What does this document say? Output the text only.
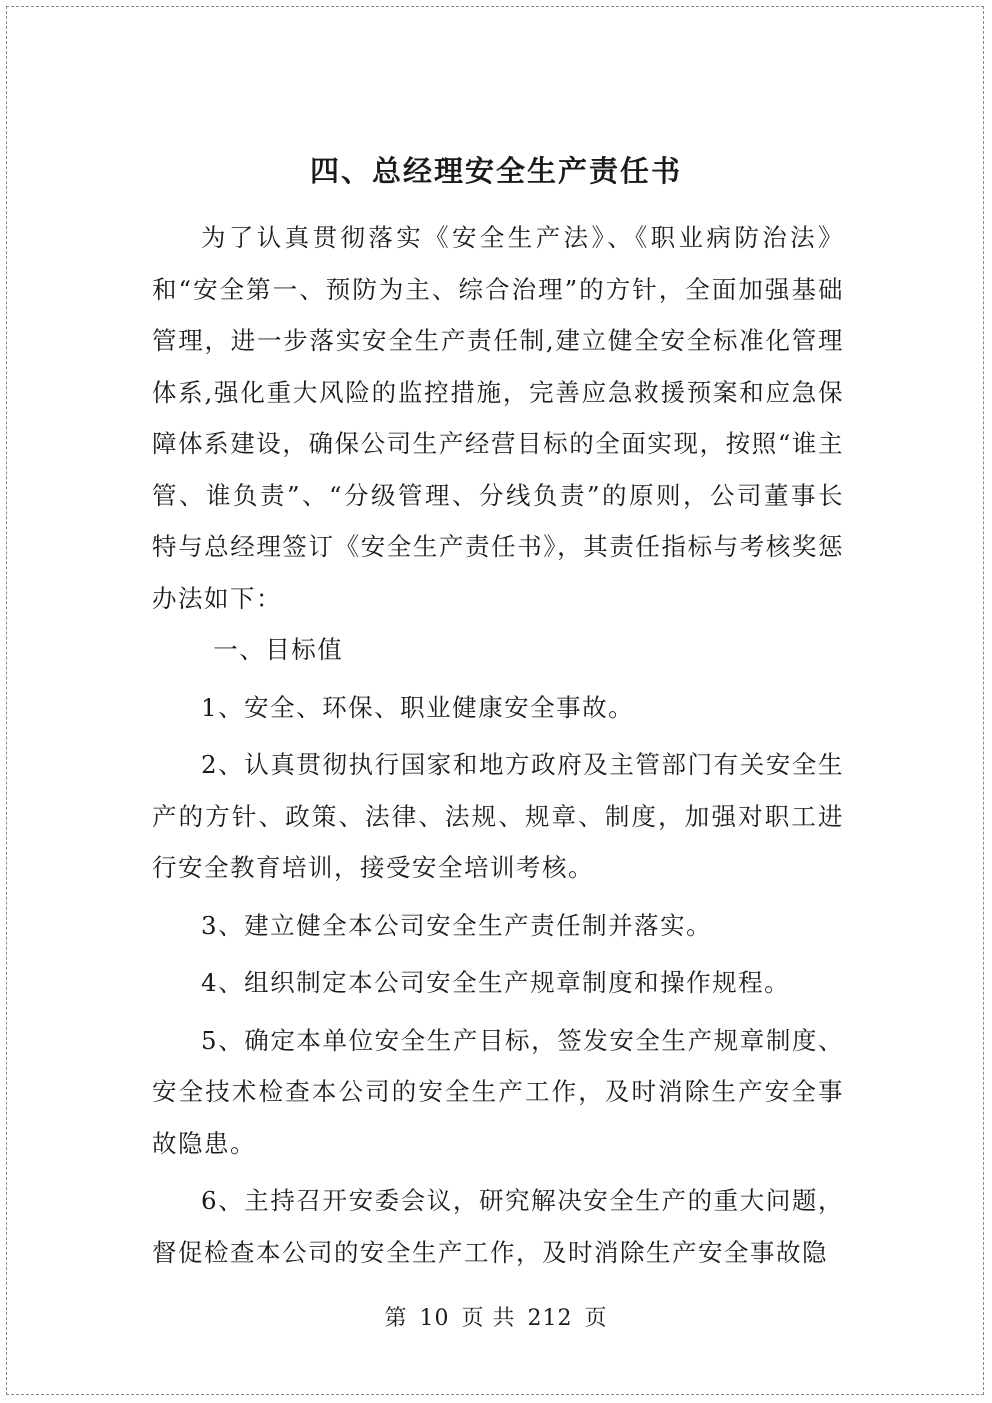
四、总经理安全生产责任书

为了认真贯彻落实《安全生产法》、《职业病防治法》和“安全第一、预防为主、综合治理”的方针，全面加强基础管理，进一步落实安全生产责任制,建立健全安全标准化管理体系,强化重大风险的监控措施，完善应急救援预案和应急保障体系建设，确保公司生产经营目标的全面实现，按照“谁主管、谁负责”、“分级管理、分线负责”的原则，公司董事长特与总经理签订《安全生产责任书》，其责任指标与考核奖惩办法如下：

一、目标值

1、安全、环保、职业健康安全事故。

2、认真贯彻执行国家和地方政府及主管部门有关安全生产的方针、政策、法律、法规、规章、制度，加强对职工进行安全教育培训，接受安全培训考核。

3、建立健全本公司安全生产责任制并落实。

4、组织制定本公司安全生产规章制度和操作规程。

5、确定本单位安全生产目标，签发安全生产规章制度、安全技术检查本公司的安全生产工作，及时消除生产安全事故隐患。

6、主持召开安委会议，研究解决安全生产的重大问题，督促检查本公司的安全生产工作，及时消除生产安全事故隐

第 10 页 共 212 页
